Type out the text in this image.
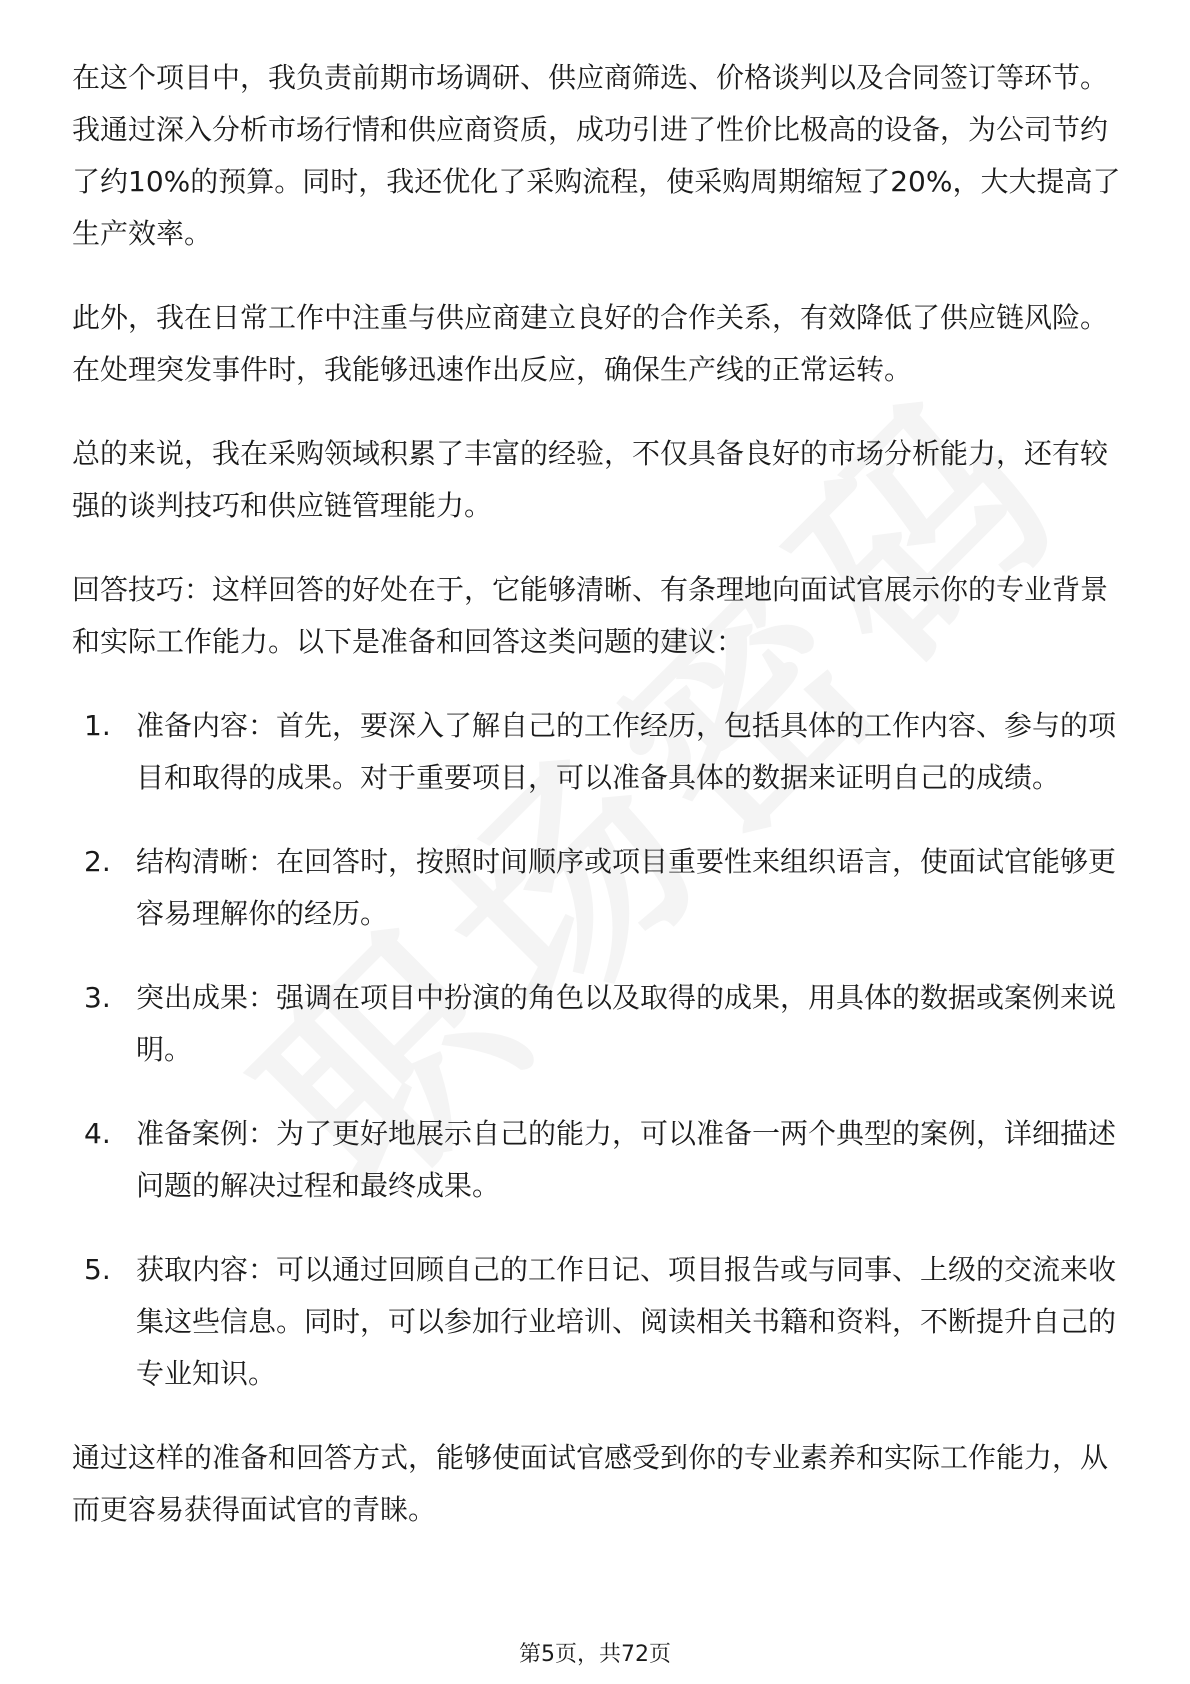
在这个项目中，我负责前期市场调研、供应商筛选、价格谈判以及合同签订等环节。我通过深入分析市场行情和供应商资质，成功引进了性价比极高的设备，为公司节约了约10%的预算。同时，我还优化了采购流程，使采购周期缩短了20%，大大提高了生产效率。

此外，我在日常工作中注重与供应商建立良好的合作关系，有效降低了供应链风险。在处理突发事件时，我能够迅速作出反应，确保生产线的正常运转。

总的来说，我在采购领域积累了丰富的经验，不仅具备良好的市场分析能力，还有较强的谈判技巧和供应链管理能力。

回答技巧：这样回答的好处在于，它能够清晰、有条理地向面试官展示你的专业背景和实际工作能力。以下是准备和回答这类问题的建议：

1. 准备内容：首先，要深入了解自己的工作经历，包括具体的工作内容、参与的项目和取得的成果。对于重要项目，可以准备具体的数据来证明自己的成绩。
2. 结构清晰：在回答时，按照时间顺序或项目重要性来组织语言，使面试官能够更容易理解你的经历。
3. 突出成果：强调在项目中扮演的角色以及取得的成果，用具体的数据或案例来说明。
4. 准备案例：为了更好地展示自己的能力，可以准备一两个典型的案例，详细描述问题的解决过程和最终成果。
5. 获取内容：可以通过回顾自己的工作日记、项目报告或与同事、上级的交流来收集这些信息。同时，可以参加行业培训、阅读相关书籍和资料，不断提升自己的专业知识。

通过这样的准备和回答方式，能够使面试官感受到你的专业素养和实际工作能力，从而更容易获得面试官的青睐。

第5页，共72页
